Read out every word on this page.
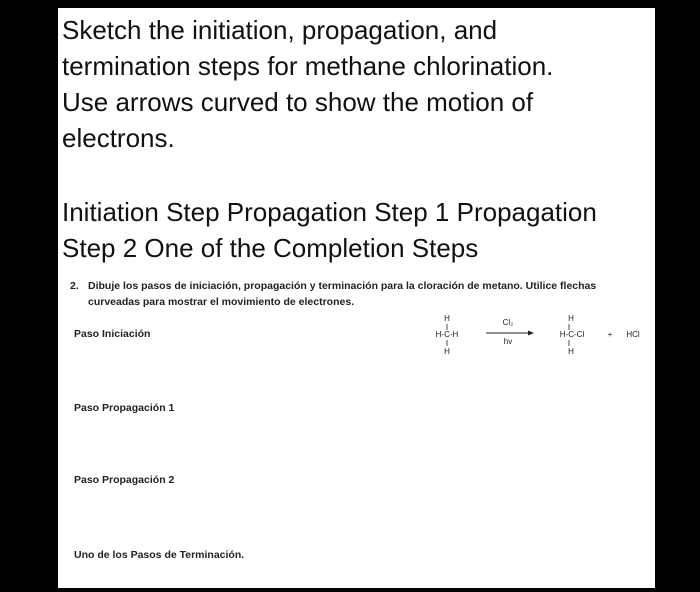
Sketch the initiation, propagation, and
termination steps for methane chlorination.
Use arrows curved to show the motion of
electrons.
Initiation Step Propagation Step 1 Propagation
Step 2 One of the Completion Steps
2. Dibuje los pasos de iniciación, propagación y terminación para la cloración de metano. Utilice flechas
curveadas para mostrar el movimiento de electrones.
Paso Iniciación
H
H-C-H
H
Cl₂
hv
H
H-C-Cl
H
+ HCl
Paso Propagación 1
Paso Propagación 2
Uno de los Pasos de Terminación.
